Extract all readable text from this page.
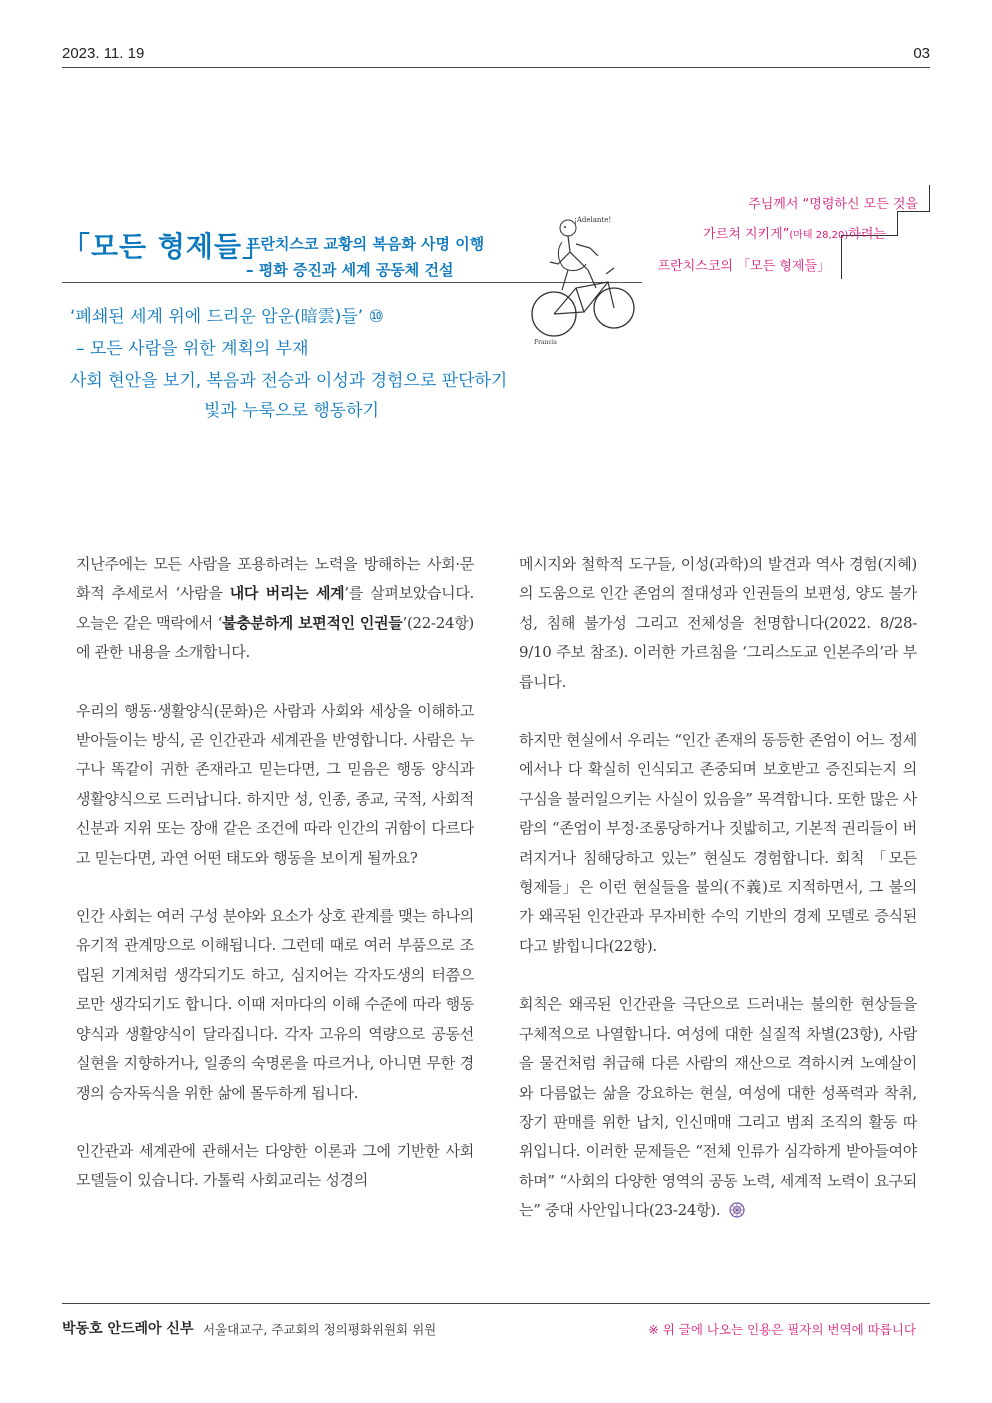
2023. 11. 19	03
「모든 형제들」
프란치스코 교황의 복음화 사명 이행
– 평화 증진과 세계 공동체 건설
¡Adelante!
Francis
주님께서 “명령하신 모든 것을
가르쳐 지키게”(마태 28,20)하려는
프란치스코의 「모든 형제들」
‘폐쇄된 세계 위에 드리운 암운(暗雲)들’ ⑩
– 모든 사람을 위한 계획의 부재
사회 현안을 보기, 복음과 전승과 이성과 경험으로 판단하기
빛과 누룩으로 행동하기

지난주에는 모든 사람을 포용하려는 노력을 방해하는 사회·문화적 추세로서 ‘사람을 내다 버리는 세계’를 살펴보았습니다. 오늘은 같은 맥락에서 ‘불충분하게 보편적인 인권들’(22-24항)에 관한 내용을 소개합니다.

우리의 행동·생활양식(문화)은 사람과 사회와 세상을 이해하고 받아들이는 방식, 곧 인간관과 세계관을 반영합니다. 사람은 누구나 똑같이 귀한 존재라고 믿는다면, 그 믿음은 행동 양식과 생활양식으로 드러납니다. 하지만 성, 인종, 종교, 국적, 사회적 신분과 지위 또는 장애 같은 조건에 따라 인간의 귀함이 다르다고 믿는다면, 과연 어떤 태도와 행동을 보이게 될까요?

인간 사회는 여러 구성 분야와 요소가 상호 관계를 맺는 하나의 유기적 관계망으로 이해됩니다. 그런데 때로 여러 부품으로 조립된 기계처럼 생각되기도 하고, 심지어는 각자도생의 터쯤으로만 생각되기도 합니다. 이때 저마다의 이해 수준에 따라 행동 양식과 생활양식이 달라집니다. 각자 고유의 역량으로 공동선 실현을 지향하거나, 일종의 숙명론을 따르거나, 아니면 무한 경쟁의 승자독식을 위한 삶에 몰두하게 됩니다.

인간관과 세계관에 관해서는 다양한 이론과 그에 기반한 사회 모델들이 있습니다. 가톨릭 사회교리는 성경의

메시지와 철학적 도구들, 이성(과학)의 발견과 역사 경험(지혜)의 도움으로 인간 존엄의 절대성과 인권들의 보편성, 양도 불가성, 침해 불가성 그리고 전체성을 천명합니다(2022. 8/28-9/10 주보 참조). 이러한 가르침을 ‘그리스도교 인본주의’라 부릅니다.

하지만 현실에서 우리는 “인간 존재의 동등한 존엄이 어느 정세에서나 다 확실히 인식되고 존중되며 보호받고 증진되는지 의구심을 불러일으키는 사실이 있음을” 목격합니다. 또한 많은 사람의 “존엄이 부정·조롱당하거나 짓밟히고, 기본적 권리들이 버려지거나 침해당하고 있는” 현실도 경험합니다. 회칙 「모든 형제들」은 이런 현실들을 불의(不義)로 지적하면서, 그 불의가 왜곡된 인간관과 무자비한 수익 기반의 경제 모델로 증식된다고 밝힙니다(22항).

회칙은 왜곡된 인간관을 극단으로 드러내는 불의한 현상들을 구체적으로 나열합니다. 여성에 대한 실질적 차별(23항), 사람을 물건처럼 취급해 다른 사람의 재산으로 격하시켜 노예살이와 다름없는 삶을 강요하는 현실, 여성에 대한 성폭력과 착취, 장기 판매를 위한 납치, 인신매매 그리고 범죄 조직의 활동 따위입니다. 이러한 문제들은 “전체 인류가 심각하게 받아들여야 하며” “사회의 다양한 영역의 공동 노력, 세계적 노력이 요구되는” 중대 사안입니다(23-24항).

박동호 안드레아 신부 서울대교구, 주교회의 정의평화위원회 위원	※ 위 글에 나오는 인용은 필자의 번역에 따릅니다
